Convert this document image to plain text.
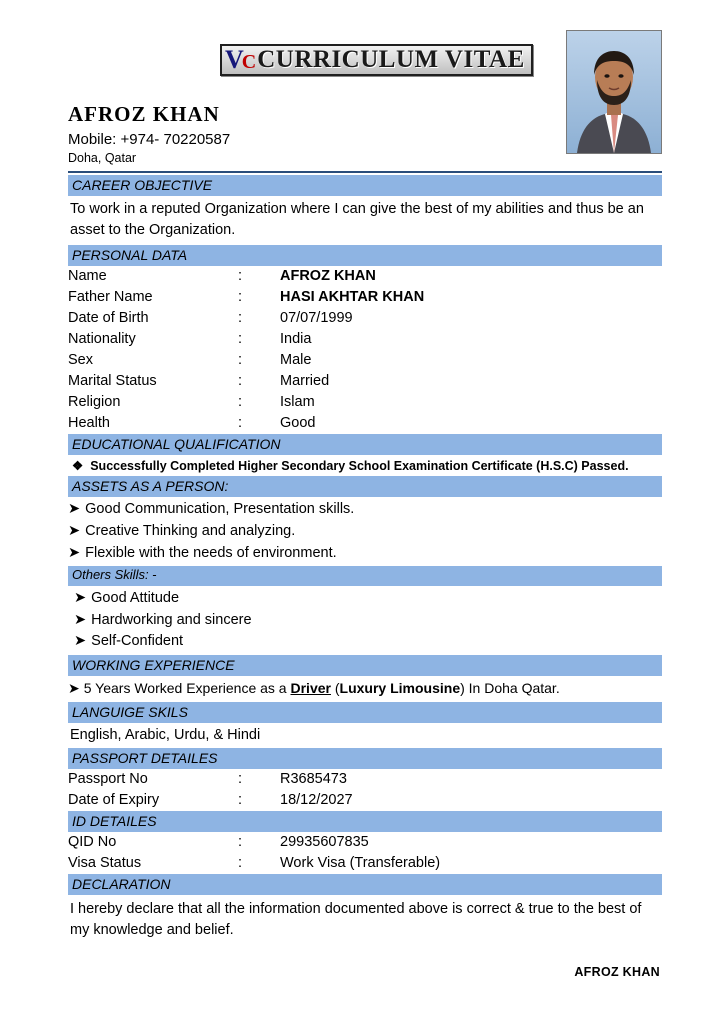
VC CURRICULUM VITAE

AFROZ KHAN

Mobile: +974- 70220587

Doha, Qatar

CAREER OBJECTIVE
To work in a reputed Organization where I can give the best of my abilities and thus be an asset to the Organization.
PERSONAL DATA
Name	:	AFROZ KHAN
Father Name	:	HASI AKHTAR KHAN
Date of Birth	:	07/07/1999
Nationality	:	India
Sex	:	Male
Marital Status	:	Married
Religion	:	Islam
Health	:	Good
EDUCATIONAL QUALIFICATION
❖ Successfully Completed Higher Secondary School Examination Certificate (H.S.C) Passed.
ASSETS AS A PERSON:
➤ Good Communication, Presentation skills.
➤ Creative Thinking and analyzing.
➤ Flexible with the needs of environment.
Others Skills: -
➤ Good Attitude
➤ Hardworking and sincere
➤ Self-Confident
WORKING EXPERIENCE
➤ 5 Years Worked Experience as a Driver (Luxury Limousine) In Doha Qatar.
LANGUIGE SKILS
English, Arabic, Urdu, & Hindi
PASSPORT DETAILES
Passport No	:	R3685473
Date of Expiry	:	18/12/2027
ID DETAILES
QID No	:	29935607835
Visa Status	:	Work Visa (Transferable)
DECLARATION
I hereby declare that all the information documented above is correct & true to the best of my knowledge and belief.
AFROZ KHAN
